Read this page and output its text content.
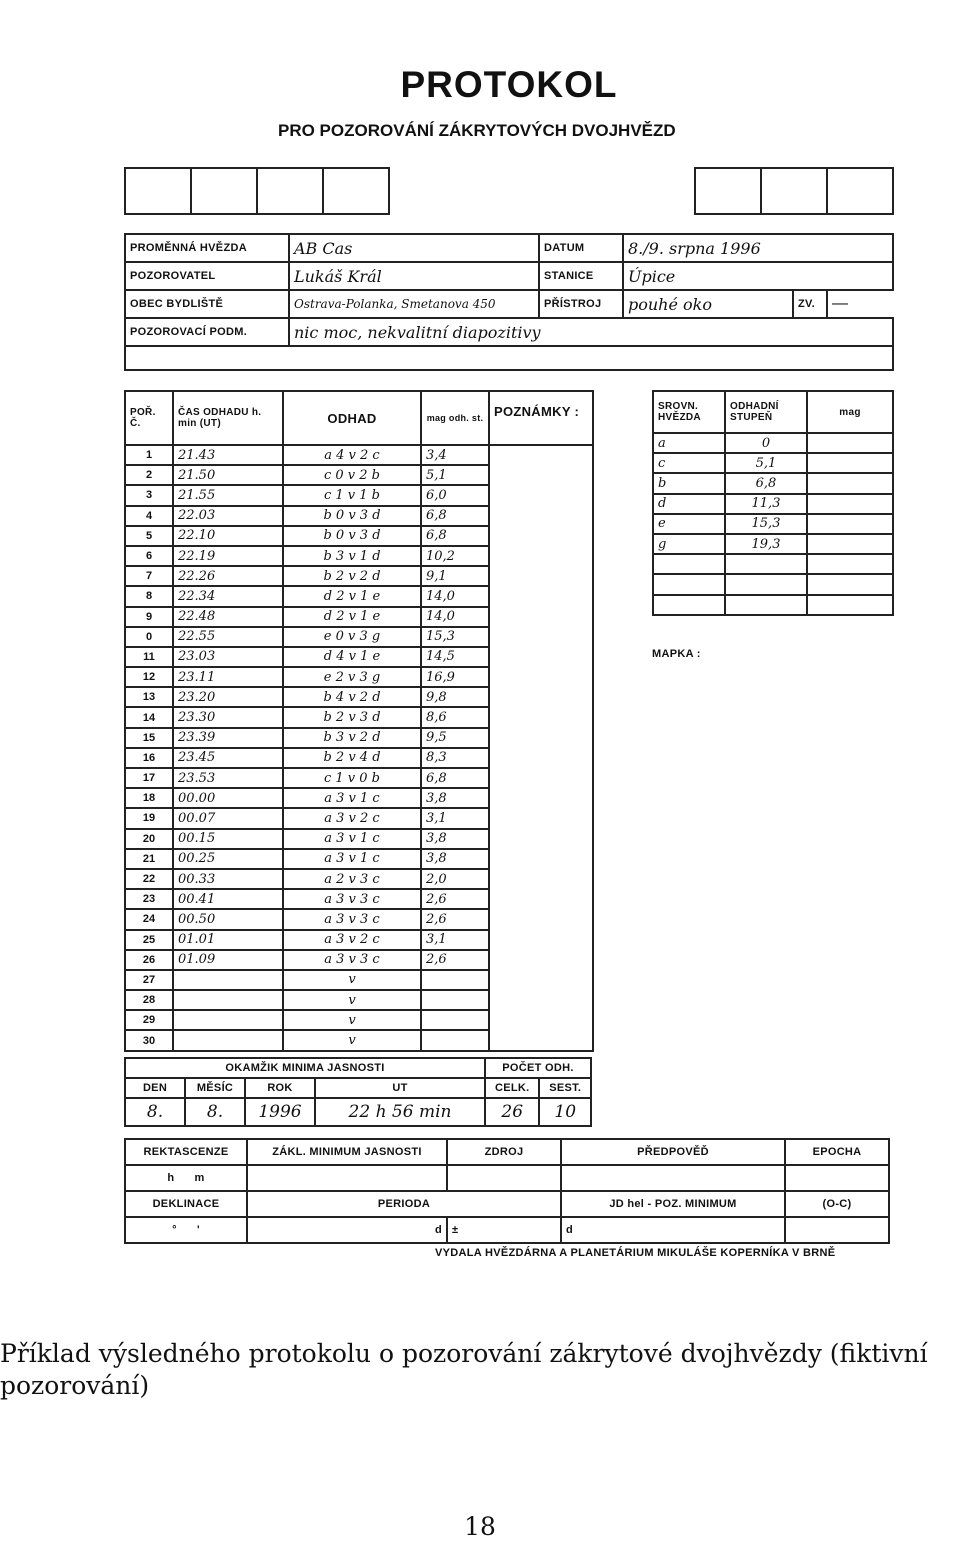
PROTOKOL
PRO POZOROVÁNÍ ZÁKRYTOVÝCH DVOJHVĚZD
PROMĚNNÁ HVĚZDA	AB Cas	DATUM	8./9. srpna 1996		
POZOROVATEL	Lukáš Král	STANICE	Úpice		
OBEC BYDLIŠTĚ	Ostrava-Polanka, Smetanova 450	PŘÍSTROJ	pouhé oko	ZV.	—
POZOROVACÍ PODM.	nic moc, nekvalitní diapozitivy				

POŘ. Č.	ČAS ODHADU h. min (UT)	ODHAD	mag odh. st.	POZNÁMKY :
1	21.43	a 4 v 2 c	3,4	
2	21.50	c 0 v 2 b	5,1	
3	21.55	c 1 v 1 b	6,0	
4	22.03	b 0 v 3 d	6,8	
5	22.10	b 0 v 3 d	6,8	
6	22.19	b 3 v 1 d	10,2	
7	22.26	b 2 v 2 d	9,1	
8	22.34	d 2 v 1 e	14,0	
9	22.48	d 2 v 1 e	14,0	
0	22.55	e 0 v 3 g	15,3	
11	23.03	d 4 v 1 e	14,5	
12	23.11	e 2 v 3 g	16,9	
13	23.20	b 4 v 2 d	9,8	
14	23.30	b 2 v 3 d	8,6	
15	23.39	b 3 v 2 d	9,5	
16	23.45	b 2 v 4 d	8,3	
17	23.53	c 1 v 0 b	6,8	
18	00.00	a 3 v 1 c	3,8	
19	00.07	a 3 v 2 c	3,1	
20	00.15	a 3 v 1 c	3,8	
21	00.25	a 3 v 1 c	3,8	
22	00.33	a 2 v 3 c	2,0	
23	00.41	a 3 v 3 c	2,6	
24	00.50	a 3 v 3 c	2,6	
25	01.01	a 3 v 2 c	3,1	
26	01.09	a 3 v 3 c	2,6	
27		v		
28		v		
29		v		
30		v		
SROVN. HVĚZDA	ODHADNÍ STUPEŇ	mag
a	0	
c	5,1	
b	6,8	
d	11,3	
e	15,3	
g	19,3	

MAPKA :
OKAMŽIK MINIMA JASNOSTI				POČET ODH.	
DEN	MĚSÍC	ROK	UT	CELK.	SEST.
8.	8.	1996	22 h 56 min	26	10
REKTASCENZE	ZÁKL. MINIMUM JASNOSTI	ZDROJ	PŘEDPOVĚĎ	EPOCHA
h      m				
DEKLINACE	PERIODA		JD hel - POZ. MINIMUM	(O-C)
°      '	d	±	d	
VYDALA HVĚZDÁRNA A PLANETÁRIUM MIKULÁŠE KOPERNÍKA V BRNĚ
Příklad výsledného protokolu o pozorování zákrytové dvojhvězdy (fiktivní pozorování)
18
